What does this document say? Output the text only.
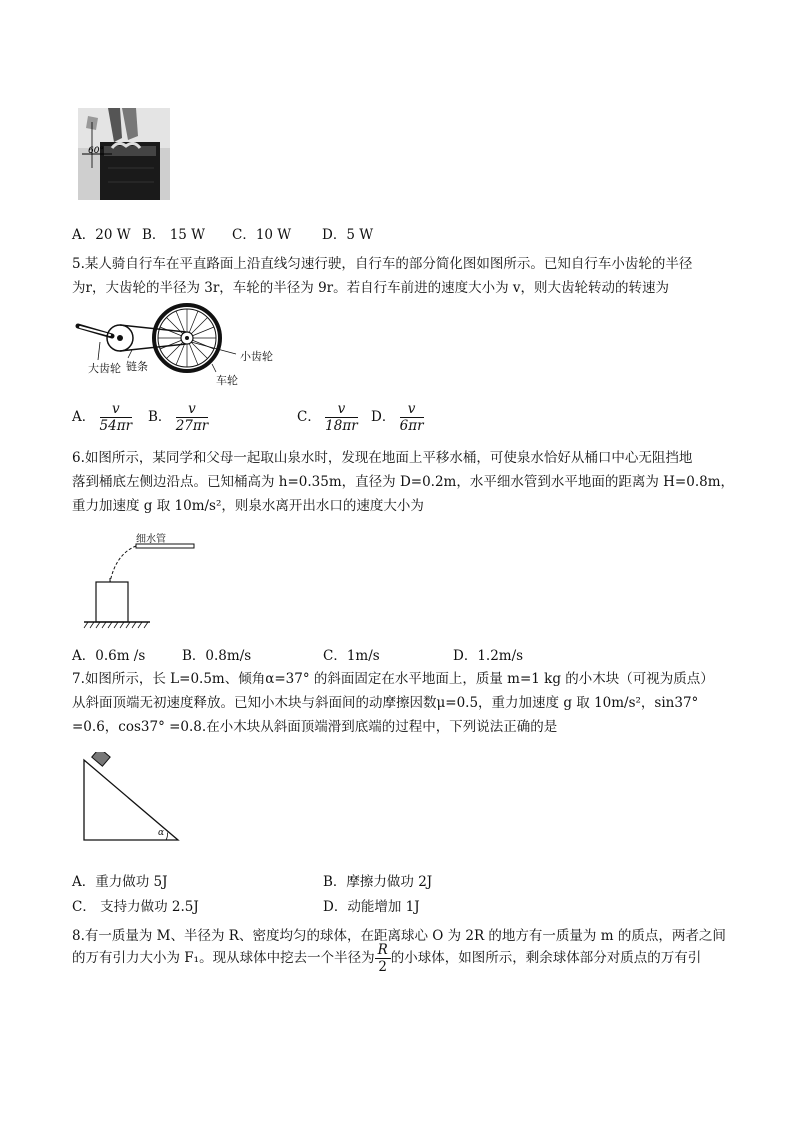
60°
A．20 W B． 15 W C．10 W D．5 W
5.某人骑自行车在平直路面上沿直线匀速行驶，自行车的部分简化图如图所示。已知自行车小齿轮的半径
为r，大齿轮的半径为 3r，车轮的半径为 9r。若自行车前进的速度大小为 v，则大齿轮转动的转速为
大齿轮 链条
小齿轮
车轮
A． $\frac{v}{54\pi r}$ B． $\frac{v}{27\pi r}$	C． $\frac{v}{18\pi r}$ D． $\frac{v}{6\pi r}$
6.如图所示，某同学和父母一起取山泉水时，发现在地面上平移水桶，可使泉水恰好从桶口中心无阻挡地
落到桶底左侧边沿点。已知桶高为 h=0.35m，直径为 D=0.2m，水平细水管到水平地面的距离为 H=0.8m，
重力加速度 g 取 10m/s²，则泉水离开出水口的速度大小为
细水管
A．0.6m /s	B．0.8m/s	C．1m/s	D．1.2m/s
7.如图所示，长 L=0.5m、倾角α=37° 的斜面固定在水平地面上，质量 m=1 kg 的小木块（可视为质点）
从斜面顶端无初速度释放。已知小木块与斜面间的动摩擦因数μ=0.5，重力加速度 g 取 10m/s²，sin37°
=0.6，cos37° =0.8.在小木块从斜面顶端滑到底端的过程中，下列说法正确的是
α
A．重力做功 5J	B．摩擦力做功 2J
C． 支持力做功 2.5J	D．动能增加 1J
8.有一质量为 M、半径为 R、密度均匀的球体，在距离球心 O 为 2R 的地方有一质量为 m 的质点，两者之间
的万有引力大小为 F₁。现从球体中挖去一个半径为 $\frac{R}{2}$ 的小球体，如图所示，剩余球体部分对质点的万有引
